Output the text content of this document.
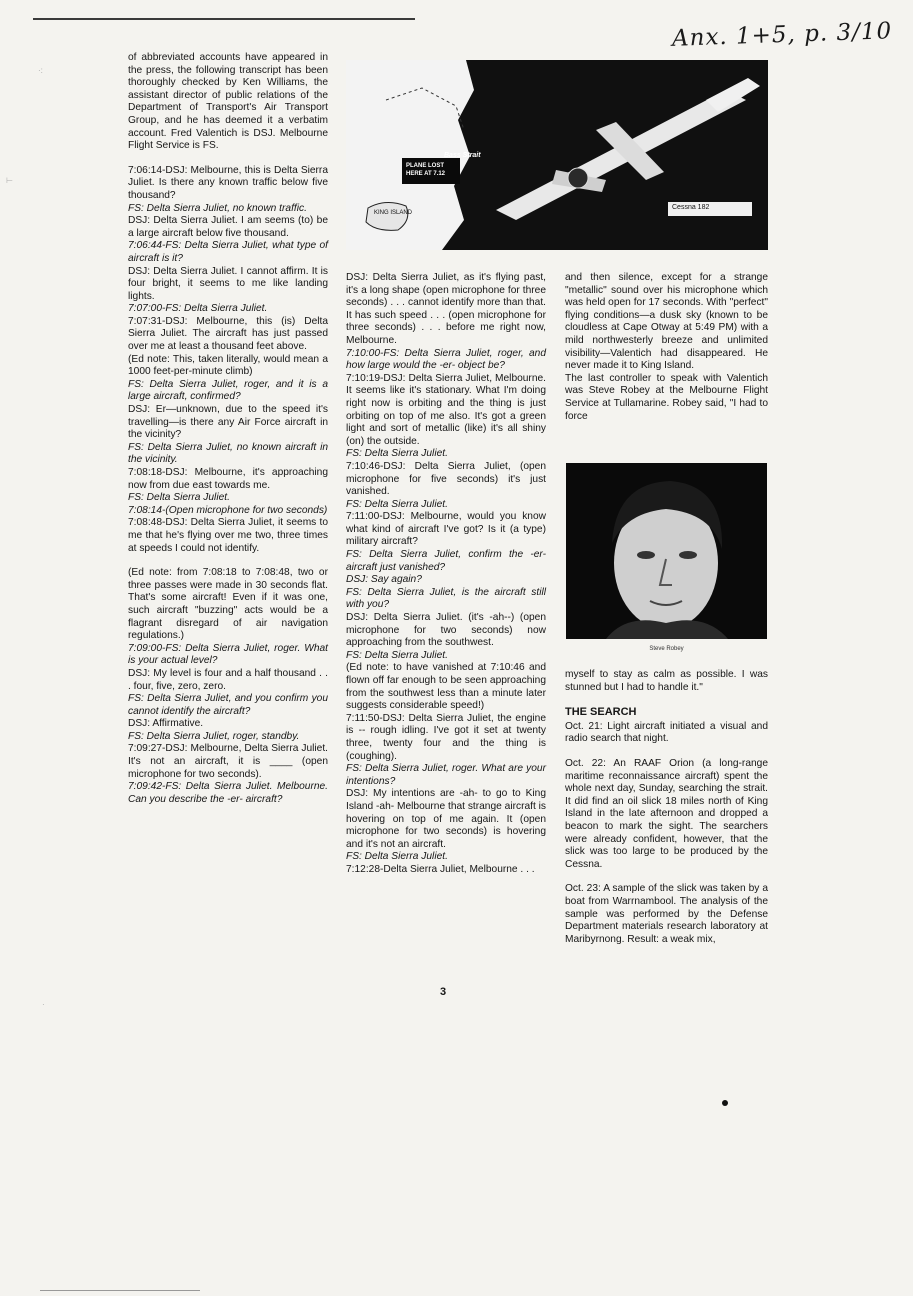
Anx. 1+5, p. 3/10
·:
⊢
·

of abbreviated accounts have appeared in the press, the following transcript has been thoroughly checked by Ken Williams, the assistant director of public relations of the Department of Transport's Air Transport Group, and he has deemed it a verbatim account. Fred Valentich is DSJ. Melbourne Flight Service is FS.

7:06:14-DSJ: Melbourne, this is Delta Sierra Juliet. Is there any known traffic below five thousand?

FS: Delta Sierra Juliet, no known traffic.

DSJ: Delta Sierra Juliet. I am seems (to) be a large aircraft below five thousand.

7:06:44-FS: Delta Sierra Juliet, what type of aircraft is it?

DSJ: Delta Sierra Juliet. I cannot affirm. It is four bright, it seems to me like landing lights.

7:07:00-FS: Delta Sierra Juliet.

7:07:31-DSJ: Melbourne, this (is) Delta Sierra Juliet. The aircraft has just passed over me at least a thousand feet above.

(Ed note: This, taken literally, would mean a 1000 feet-per-minute climb)

FS: Delta Sierra Juliet, roger, and it is a large aircraft, confirmed?

DSJ: Er—unknown, due to the speed it's travelling—is there any Air Force aircraft in the vicinity?

FS: Delta Sierra Juliet, no known aircraft in the vicinity.

7:08:18-DSJ: Melbourne, it's approaching now from due east towards me.

FS: Delta Sierra Juliet.

7:08:14-(Open microphone for two seconds)

7:08:48-DSJ: Delta Sierra Juliet, it seems to me that he's flying over me two, three times at speeds I could not identify.

(Ed note: from 7:08:18 to 7:08:48, two or three passes were made in 30 seconds flat. That's some aircraft! Even if it was one, such aircraft "buzzing" acts would be a flagrant disregard of air navigation regulations.)

7:09:00-FS: Delta Sierra Juliet, roger. What is your actual level?

DSJ: My level is four and a half thousand . . . four, five, zero, zero.

FS: Delta Sierra Juliet, and you confirm you cannot identify the aircraft?

DSJ: Affirmative.

FS: Delta Sierra Juliet, roger, standby.

7:09:27-DSJ: Melbourne, Delta Sierra Juliet. It's not an aircraft, it is ____ (open microphone for two seconds).

7:09:42-FS: Delta Sierra Juliet. Melbourne. Can you describe the -er- aircraft?

Bass Strait
PLANE LOST
HERE AT 7.12
KING ISLAND
Cessna 182

DSJ: Delta Sierra Juliet, as it's flying past, it's a long shape (open microphone for three seconds) . . . cannot identify more than that. It has such speed . . . (open microphone for three seconds) . . . before me right now, Melbourne.

7:10:00-FS: Delta Sierra Juliet, roger, and how large would the -er- object be?

7:10:19-DSJ: Delta Sierra Juliet, Melbourne. It seems like it's stationary. What I'm doing right now is orbiting and the thing is just orbiting on top of me also. It's got a green light and sort of metallic (like) it's all shiny (on) the outside.

FS: Delta Sierra Juliet.

7:10:46-DSJ: Delta Sierra Juliet, (open microphone for five seconds) it's just vanished.

FS: Delta Sierra Juliet.

7:11:00-DSJ: Melbourne, would you know what kind of aircraft I've got? Is it (a type) military aircraft?

FS: Delta Sierra Juliet, confirm the -er- aircraft just vanished?

DSJ: Say again?

FS: Delta Sierra Juliet, is the aircraft still with you?

DSJ: Delta Sierra Juliet. (it's -ah--) (open microphone for two seconds) now approaching from the southwest.

FS: Delta Sierra Juliet.

(Ed note: to have vanished at 7:10:46 and flown off far enough to be seen approaching from the southwest less than a minute later suggests considerable speed!)

7:11:50-DSJ: Delta Sierra Juliet, the engine is -- rough idling. I've got it set at twenty three, twenty four and the thing is (coughing).

FS: Delta Sierra Juliet, roger. What are your intentions?

DSJ: My intentions are -ah- to go to King Island -ah- Melbourne that strange aircraft is hovering on top of me again. It (open microphone for two seconds) is hovering and it's not an aircraft.

FS: Delta Sierra Juliet.

7:12:28-Delta Sierra Juliet, Melbourne . . .

and then silence, except for a strange "metallic" sound over his microphone which was held open for 17 seconds. With "perfect" flying conditions—a dusk sky (known to be cloudless at Cape Otway at 5:49 PM) with a mild northwesterly breeze and unlimited visibility—Valentich had disappeared. He never made it to King Island.

The last controller to speak with Valentich was Steve Robey at the Melbourne Flight Service at Tullamarine. Robey said, "I had to force

Steve Robey

myself to stay as calm as possible. I was stunned but I had to handle it."

THE SEARCH

Oct. 21: Light aircraft initiated a visual and radio search that night.

Oct. 22: An RAAF Orion (a long-range maritime reconnaissance aircraft) spent the whole next day, Sunday, searching the strait. It did find an oil slick 18 miles north of King Island in the late afternoon and dropped a beacon to mark the sight. The searchers were already confident, however, that the slick was too large to be produced by the Cessna.

Oct. 23: A sample of the slick was taken by a boat from Warrnambool. The analysis of the sample was performed by the Defense Department materials research laboratory at Maribyrnong. Result: a weak mix,

3
